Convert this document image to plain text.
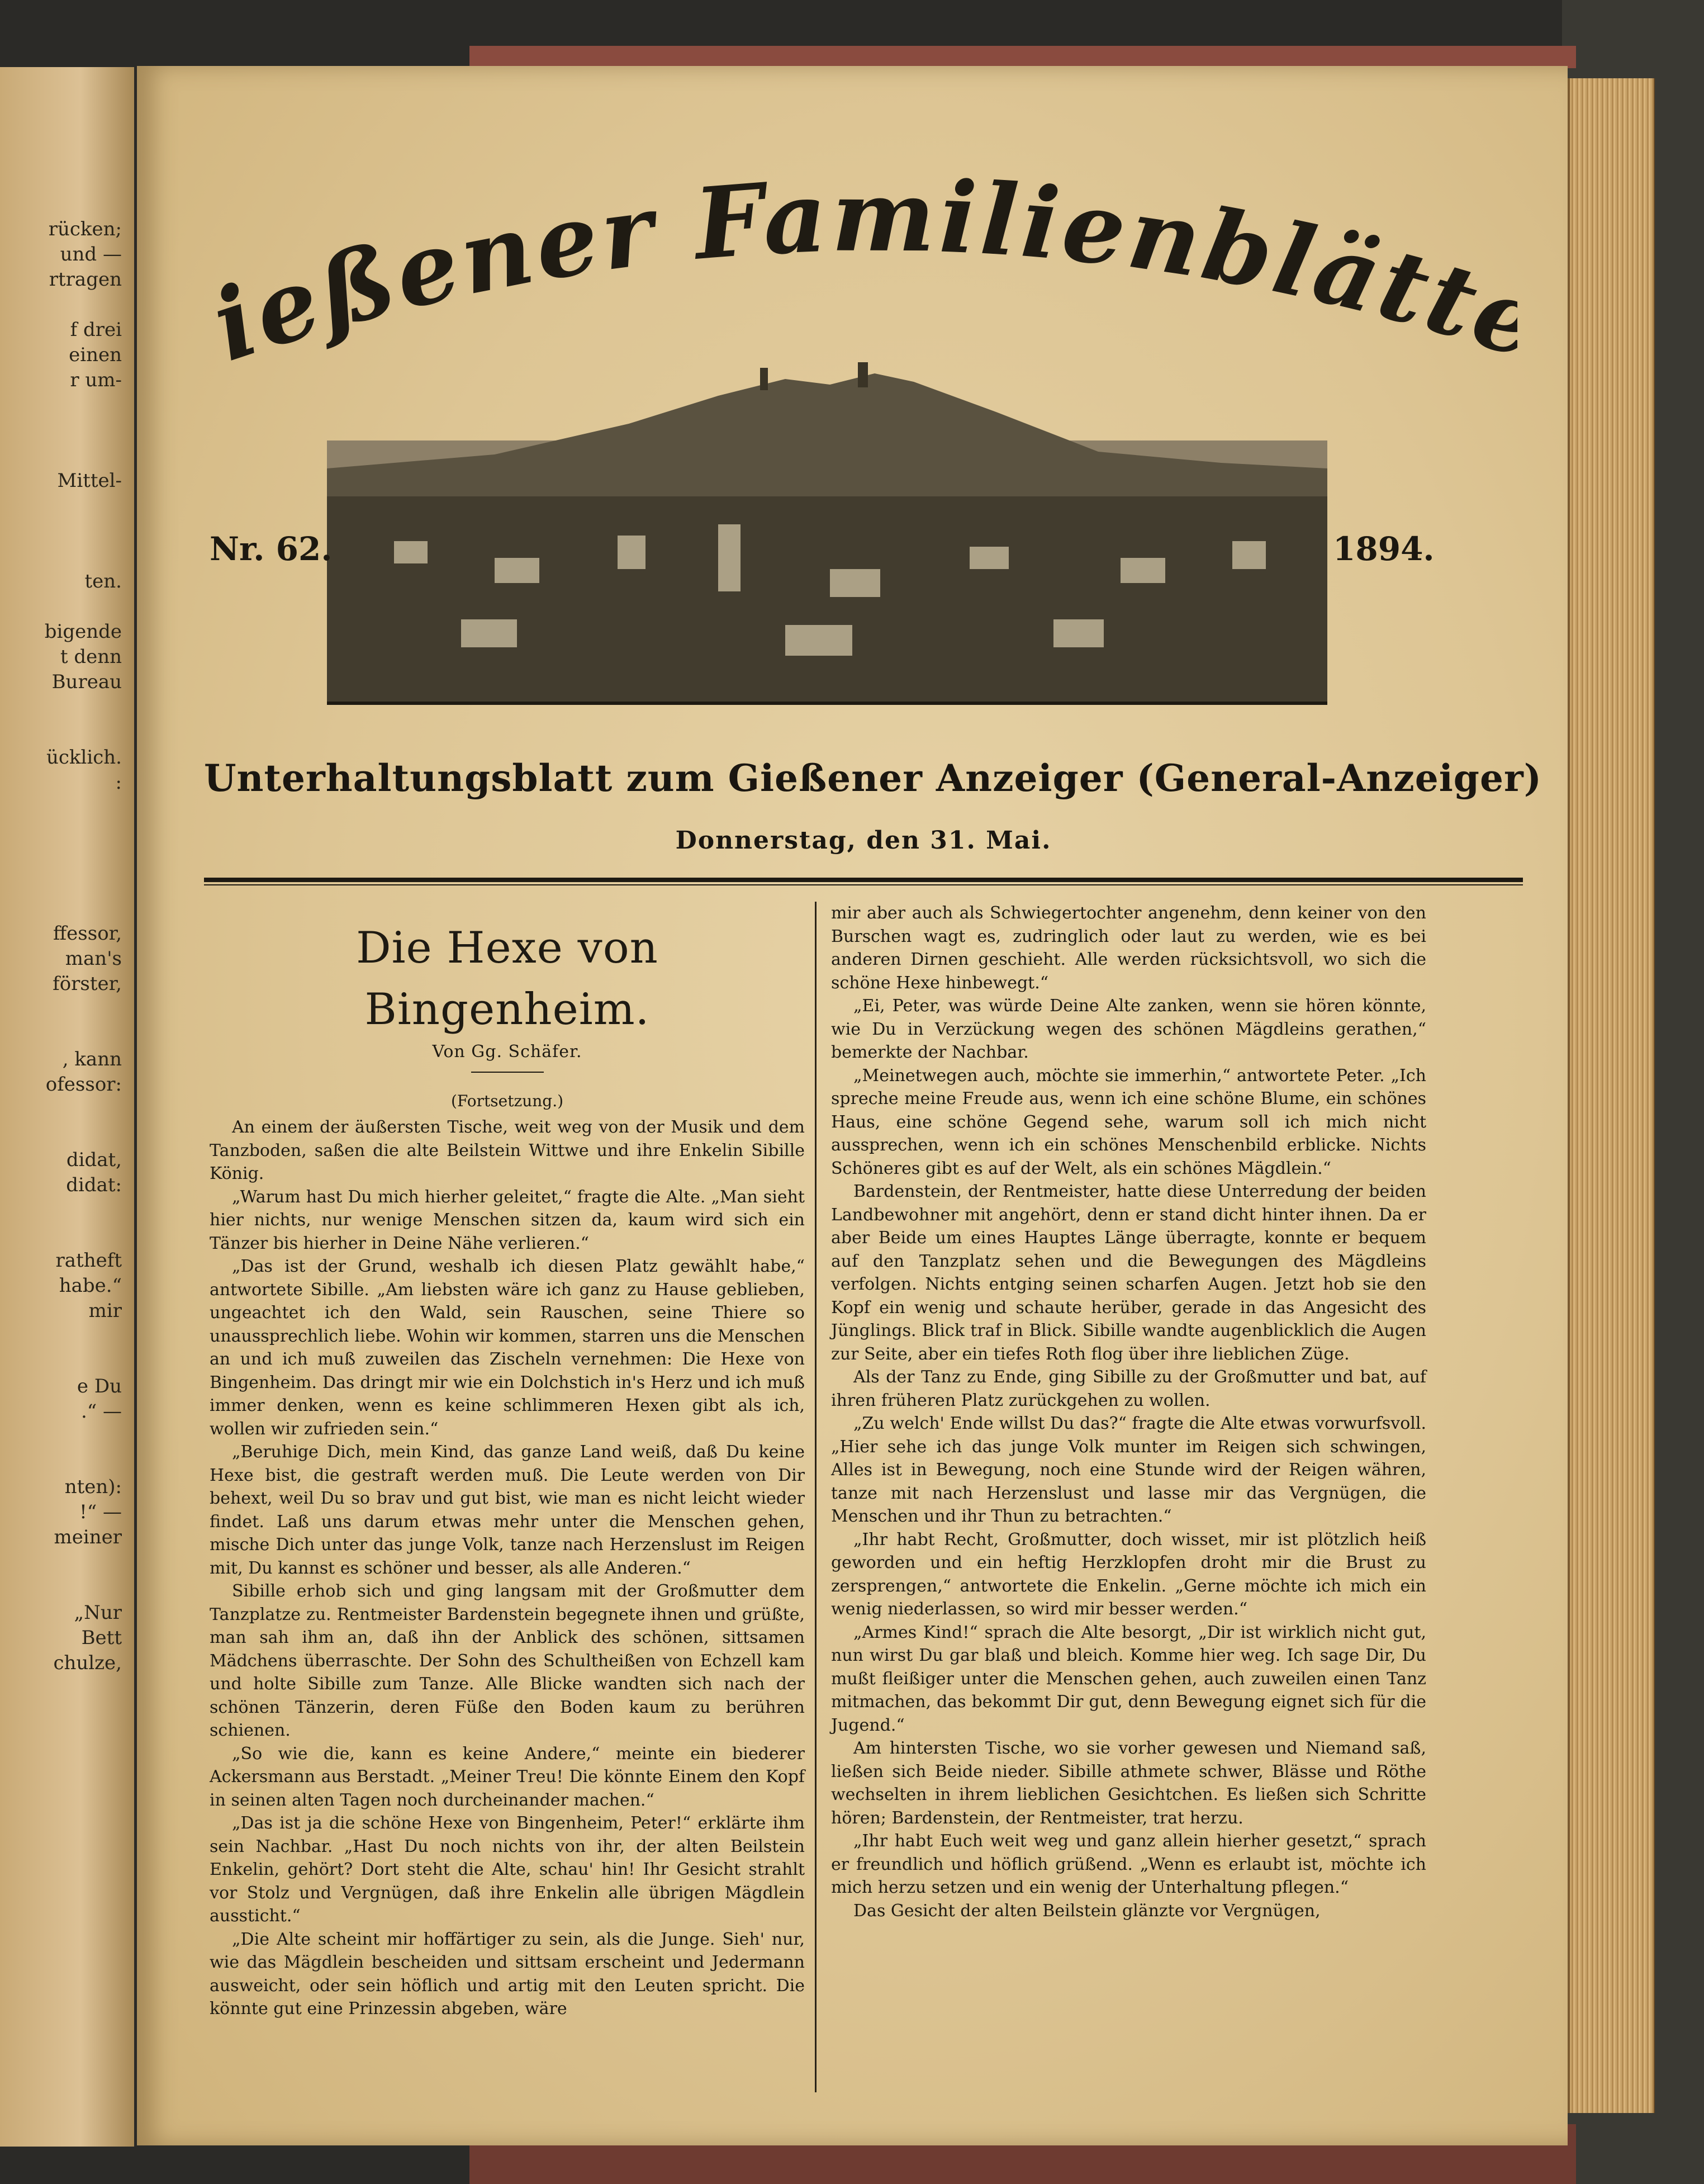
rücken;
und —
rtragen
f drei
einen
r um-
Mittel-
ten.
bigende
t denn
Bureau
ücklich.
:
ffessor,
man's
förster,
, kann
ofessor:
didat,
didat:
ratheft
habe.“
mir
e Du
.“ —
nten):
!“ —
meiner
„Nur
Bett
chulze,
ießener Familienblätt
Nr. 62.	1894.
Unterhaltungsblatt zum Gießener Anzeiger (General-Anzeiger)
Donnerstag, den 31. Mai.
Die Hexe von Bingenheim.

Von Gg. Schäfer.

(Fortsetzung.)

An einem der äußersten Tische, weit weg von der Musik und dem Tanzboden, saßen die alte Beilstein Wittwe und ihre Enkelin Sibille König.

„Warum hast Du mich hierher geleitet,“ fragte die Alte. „Man sieht hier nichts, nur wenige Menschen sitzen da, kaum wird sich ein Tänzer bis hierher in Deine Nähe verlieren.“

„Das ist der Grund, weshalb ich diesen Platz gewählt habe,“ antwortete Sibille. „Am liebsten wäre ich ganz zu Hause geblieben, ungeachtet ich den Wald, sein Rauschen, seine Thiere so unaussprechlich liebe. Wohin wir kommen, starren uns die Menschen an und ich muß zuweilen das Zischeln vernehmen: Die Hexe von Bingenheim. Das dringt mir wie ein Dolchstich in's Herz und ich muß immer denken, wenn es keine schlimmeren Hexen gibt als ich, wollen wir zufrieden sein.“

„Beruhige Dich, mein Kind, das ganze Land weiß, daß Du keine Hexe bist, die gestraft werden muß. Die Leute werden von Dir behext, weil Du so brav und gut bist, wie man es nicht leicht wieder findet. Laß uns darum etwas mehr unter die Menschen gehen, mische Dich unter das junge Volk, tanze nach Herzenslust im Reigen mit, Du kannst es schöner und besser, als alle Anderen.“

Sibille erhob sich und ging langsam mit der Großmutter dem Tanzplatze zu. Rentmeister Bardenstein begegnete ihnen und grüßte, man sah ihm an, daß ihn der Anblick des schönen, sittsamen Mädchens überraschte. Der Sohn des Schultheißen von Echzell kam und holte Sibille zum Tanze. Alle Blicke wandten sich nach der schönen Tänzerin, deren Füße den Boden kaum zu berühren schienen.

„So wie die, kann es keine Andere,“ meinte ein biederer Ackersmann aus Berstadt. „Meiner Treu! Die könnte Einem den Kopf in seinen alten Tagen noch durcheinander machen.“

„Das ist ja die schöne Hexe von Bingenheim, Peter!“ erklärte ihm sein Nachbar. „Hast Du noch nichts von ihr, der alten Beilstein Enkelin, gehört? Dort steht die Alte, schau' hin! Ihr Gesicht strahlt vor Stolz und Vergnügen, daß ihre Enkelin alle übrigen Mägdlein aussticht.“

„Die Alte scheint mir hoffärtiger zu sein, als die Junge. Sieh' nur, wie das Mägdlein bescheiden und sittsam erscheint und Jedermann ausweicht, oder sein höflich und artig mit den Leuten spricht. Die könnte gut eine Prinzessin abgeben, wäre

mir aber auch als Schwiegertochter angenehm, denn keiner von den Burschen wagt es, zudringlich oder laut zu werden, wie es bei anderen Dirnen geschieht. Alle werden rücksichtsvoll, wo sich die schöne Hexe hinbewegt.“

„Ei, Peter, was würde Deine Alte zanken, wenn sie hören könnte, wie Du in Verzückung wegen des schönen Mägdleins gerathen,“ bemerkte der Nachbar.

„Meinetwegen auch, möchte sie immerhin,“ antwortete Peter. „Ich spreche meine Freude aus, wenn ich eine schöne Blume, ein schönes Haus, eine schöne Gegend sehe, warum soll ich mich nicht aussprechen, wenn ich ein schönes Menschenbild erblicke. Nichts Schöneres gibt es auf der Welt, als ein schönes Mägdlein.“

Bardenstein, der Rentmeister, hatte diese Unterredung der beiden Landbewohner mit angehört, denn er stand dicht hinter ihnen. Da er aber Beide um eines Hauptes Länge überragte, konnte er bequem auf den Tanzplatz sehen und die Bewegungen des Mägdleins verfolgen. Nichts entging seinen scharfen Augen. Jetzt hob sie den Kopf ein wenig und schaute herüber, gerade in das Angesicht des Jünglings. Blick traf in Blick. Sibille wandte augenblicklich die Augen zur Seite, aber ein tiefes Roth flog über ihre lieblichen Züge.

Als der Tanz zu Ende, ging Sibille zu der Großmutter und bat, auf ihren früheren Platz zurückgehen zu wollen.

„Zu welch' Ende willst Du das?“ fragte die Alte etwas vorwurfsvoll. „Hier sehe ich das junge Volk munter im Reigen sich schwingen, Alles ist in Bewegung, noch eine Stunde wird der Reigen währen, tanze mit nach Herzenslust und lasse mir das Vergnügen, die Menschen und ihr Thun zu betrachten.“

„Ihr habt Recht, Großmutter, doch wisset, mir ist plötzlich heiß geworden und ein heftig Herzklopfen droht mir die Brust zu zersprengen,“ antwortete die Enkelin. „Gerne möchte ich mich ein wenig niederlassen, so wird mir besser werden.“

„Armes Kind!“ sprach die Alte besorgt, „Dir ist wirklich nicht gut, nun wirst Du gar blaß und bleich. Komme hier weg. Ich sage Dir, Du mußt fleißiger unter die Menschen gehen, auch zuweilen einen Tanz mitmachen, das bekommt Dir gut, denn Bewegung eignet sich für die Jugend.“

Am hintersten Tische, wo sie vorher gewesen und Niemand saß, ließen sich Beide nieder. Sibille athmete schwer, Blässe und Röthe wechselten in ihrem lieblichen Gesichtchen. Es ließen sich Schritte hören; Bardenstein, der Rentmeister, trat herzu.

„Ihr habt Euch weit weg und ganz allein hierher gesetzt,“ sprach er freundlich und höflich grüßend. „Wenn es erlaubt ist, möchte ich mich herzu setzen und ein wenig der Unterhaltung pflegen.“

Das Gesicht der alten Beilstein glänzte vor Vergnügen,
